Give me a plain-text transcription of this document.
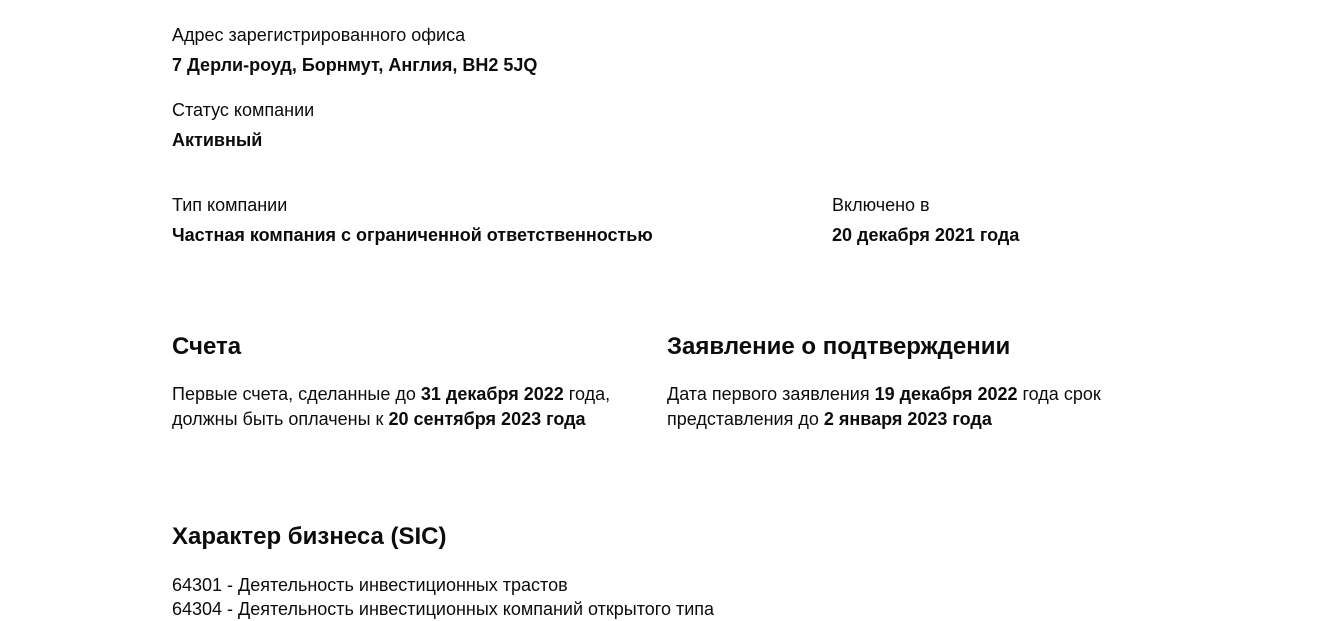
Адрес зарегистрированного офиса
7 Дерли-роуд, Борнмут, Англия, BH2 5JQ
Статус компании
Активный
Тип компании
Частная компания с ограниченной ответственностью
Включено в
20 декабря 2021 года
Счета
Первые счета, сделанные до 31 декабря 2022 года, должны быть оплачены к 20 сентября 2023 года
Заявление о подтверждении
Дата первого заявления 19 декабря 2022 года срок представления до 2 января 2023 года
Характер бизнеса (SIC)
64301 - Деятельность инвестиционных трастов
64304 - Деятельность инвестиционных компаний открытого типа
